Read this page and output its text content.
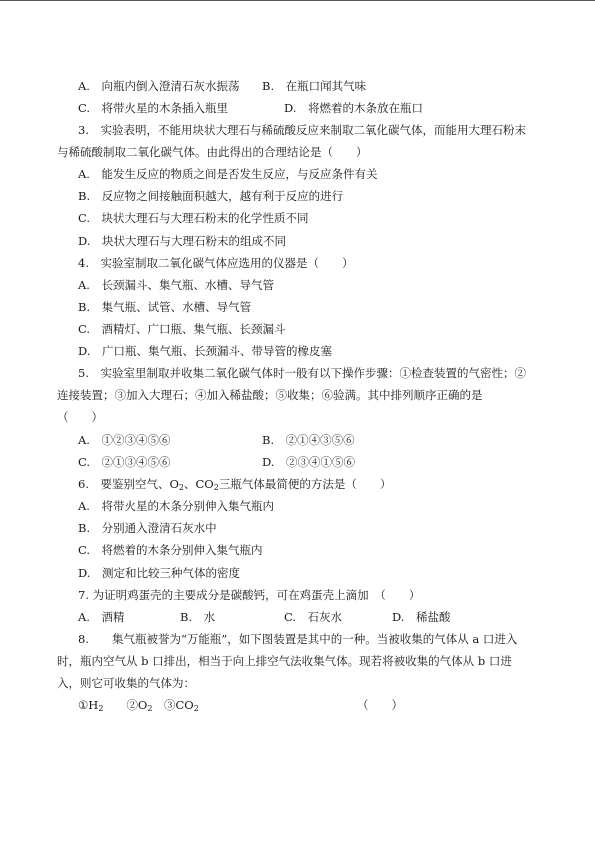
A.　向瓶内倒入澄清石灰水振荡 B.　在瓶口闻其气味
C.　将带火星的木条插入瓶里	D.　将燃着的木条放在瓶口
3.　实验表明，不能用块状大理石与稀硫酸反应来制取二氧化碳气体，而能用大理石粉末
与稀硫酸制取二氧化碳气体。由此得出的合理结论是（　　）
A.　能发生反应的物质之间是否发生反应，与反应条件有关
B.　反应物之间接触面积越大，越有利于反应的进行
C.　块状大理石与大理石粉末的化学性质不同
D.　块状大理石与大理石粉末的组成不同
4.　实验室制取二氧化碳气体应选用的仪器是（　　）
A.　长颈漏斗、集气瓶、水槽、导气管
B.　集气瓶、试管、水槽、导气管
C.　酒精灯、广口瓶、集气瓶、长颈漏斗
D.　广口瓶、集气瓶、长颈漏斗、带导管的橡皮塞
5.　实验室里制取并收集二氧化碳气体时一般有以下操作步骤：①检查装置的气密性；②
连接装置；③加入大理石；④加入稀盐酸；⑤收集；⑥验满。其中排列顺序正确的是
（　　）
A.　①②③④⑤⑥	B.　②①④③⑤⑥
C.　②①③④⑤⑥	D.　②③④①⑤⑥
6.　要鉴别空气、$O_2$、$CO_2$三瓶气体最简便的方法是（　　）
A.　将带火星的木条分别伸入集气瓶内
B.　分别通入澄清石灰水中
C.　将燃着的木条分别伸入集气瓶内
D.　测定和比较三种气体的密度
7. 为证明鸡蛋壳的主要成分是碳酸钙，可在鸡蛋壳上滴加　（　　）
A.　酒精	B.　水	C.　石灰水	D.　稀盐酸
8.　　集气瓶被誉为“万能瓶”，如下图装置是其中的一种。当被收集的气体从 a 口进入
时，瓶内空气从 b 口排出，相当于向上排空气法收集气体。现若将被收集的气体从 b 口进
入，则它可收集的气体为：
$①H_2$　　 $②O_2$　 $③CO_2$	（　　）
